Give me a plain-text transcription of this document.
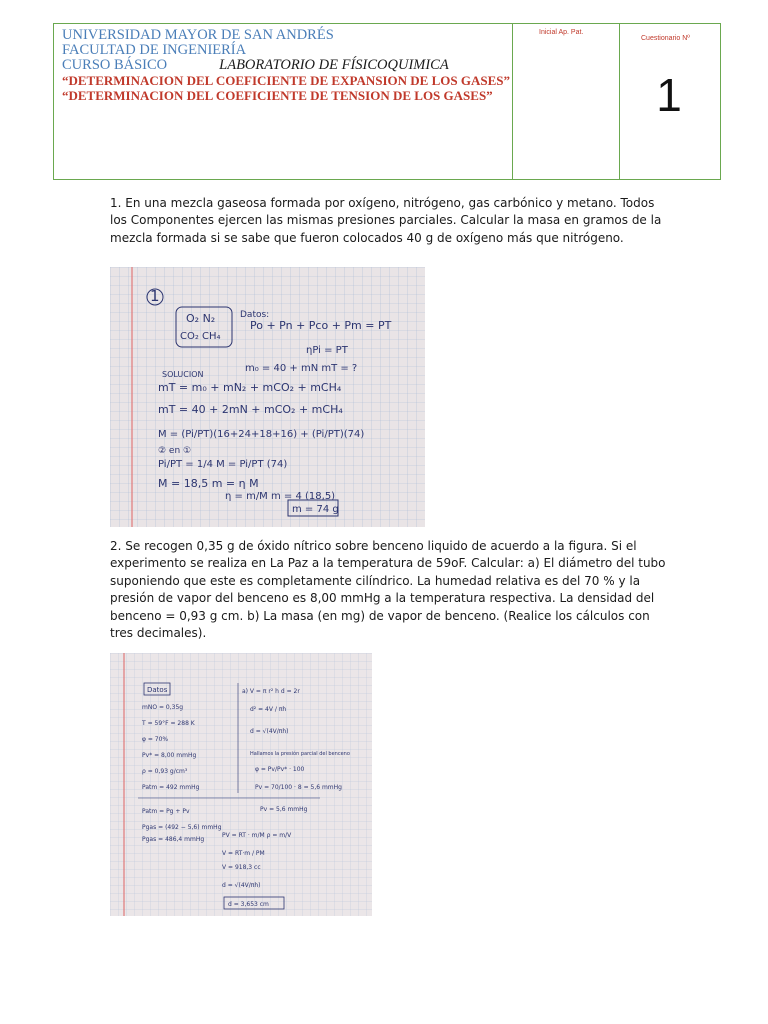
UNIVERSIDAD MAYOR DE SAN ANDRÉS
FACULTAD DE INGENIERÍA
CURSO BÁSICO	LABORATORIO DE FÍSICOQUIMICA
“DETERMINACION DEL COEFICIENTE DE EXPANSION DE LOS GASES”
“DETERMINACION DEL COEFICIENTE DE TENSION DE LOS GASES”
Inicial Ap. Pat.
Cuestionario Nº
1
1. En una mezcla gaseosa formada por oxígeno, nitrógeno, gas carbónico y metano. Todos los Componentes ejercen las mismas presiones parciales. Calcular la masa en gramos de la mezcla formada si se sabe que fueron colocados 40 g de oxígeno más que nitrógeno.
1
O₂ N₂
CO₂ CH₄
Datos:
Po + Pn + Pco + Pm = PT
ηPi = PT
m₀ = 40 + mN mT = ?
SOLUCION
mT = m₀ + mN₂ + mCO₂ + mCH₄
mT = 40 + 2mN + mCO₂ + mCH₄
M = (Pi/PT)(16+24+18+16) + (Pi/PT)(74)
② en ①
Pi/PT = 1/4 M = Pi/PT (74)
M = 18,5 m = η M
η = m/M m = 4 (18,5)
m = 74 g
2. Se recogen 0,35 g de óxido nítrico sobre benceno liquido de acuerdo a la figura. Si el experimento se realiza en La Paz a la temperatura de 59oF. Calcular: a) El diámetro del tubo suponiendo que este es completamente cilíndrico. La humedad relativa es del 70 % y la presión de vapor del benceno es 8,00 mmHg a la temperatura respectiva. La densidad del benceno = 0,93 g cm. b) La masa (en mg) de vapor de benceno. (Realice los cálculos con tres decimales).
Datos
mNO = 0,35g
T = 59°F = 288 K
φ = 70%
Pv* = 8,00 mmHg
ρ = 0,93 g/cm³
Patm = 492 mmHg
a) V = π r² h d = 2r
d² = 4V / πh
d = √(4V/πh)
Hallamos la presión parcial del benceno
φ = Pv/Pv* · 100
Pv = 70/100 · 8 = 5,6 mmHg
Patm = Pg + Pv
Pgas = (492 − 5,6) mmHg
Pgas = 486,4 mmHg
Pv = 5,6 mmHg
PV = RT · m/M ρ = m/V
V = RT·m / PM
V = 918,3 cc
d = √(4V/πh)
d = 3,653 cm
